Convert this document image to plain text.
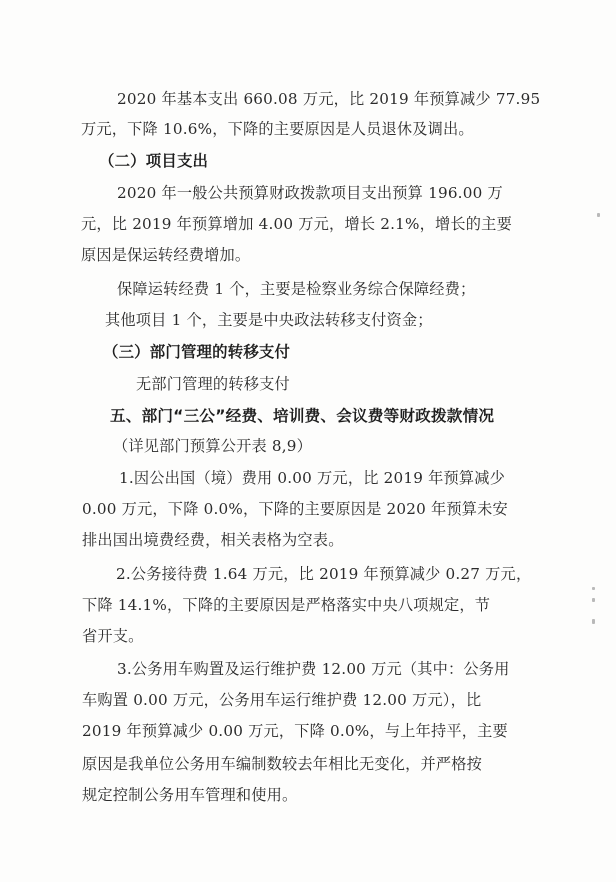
2020 年基本支出 660.08 万元，比 2019 年预算减少 77.95
万元，下降 10.6%，下降的主要原因是人员退休及调出。
（二）项目支出
2020 年一般公共预算财政拨款项目支出预算 196.00 万
元，比 2019 年预算增加 4.00 万元，增长 2.1%，增长的主要
原因是保运转经费增加。
保障运转经费 1 个，主要是检察业务综合保障经费；
其他项目 1 个，主要是中央政法转移支付资金；
（三）部门管理的转移支付
无部门管理的转移支付
五、部门“三公”经费、培训费、会议费等财政拨款情况
（详见部门预算公开表 8,9）
1.因公出国（境）费用 0.00 万元，比 2019 年预算减少
0.00 万元，下降 0.0%，下降的主要原因是 2020 年预算未安
排出国出境费经费，相关表格为空表。
2.公务接待费 1.64 万元，比 2019 年预算减少 0.27 万元，
下降 14.1%，下降的主要原因是严格落实中央八项规定，节
省开支。
3.公务用车购置及运行维护费 12.00 万元（其中：公务用
车购置 0.00 万元，公务用车运行维护费 12.00 万元），比
2019 年预算减少 0.00 万元，下降 0.0%，与上年持平，主要
原因是我单位公务用车编制数较去年相比无变化，并严格按
规定控制公务用车管理和使用。
